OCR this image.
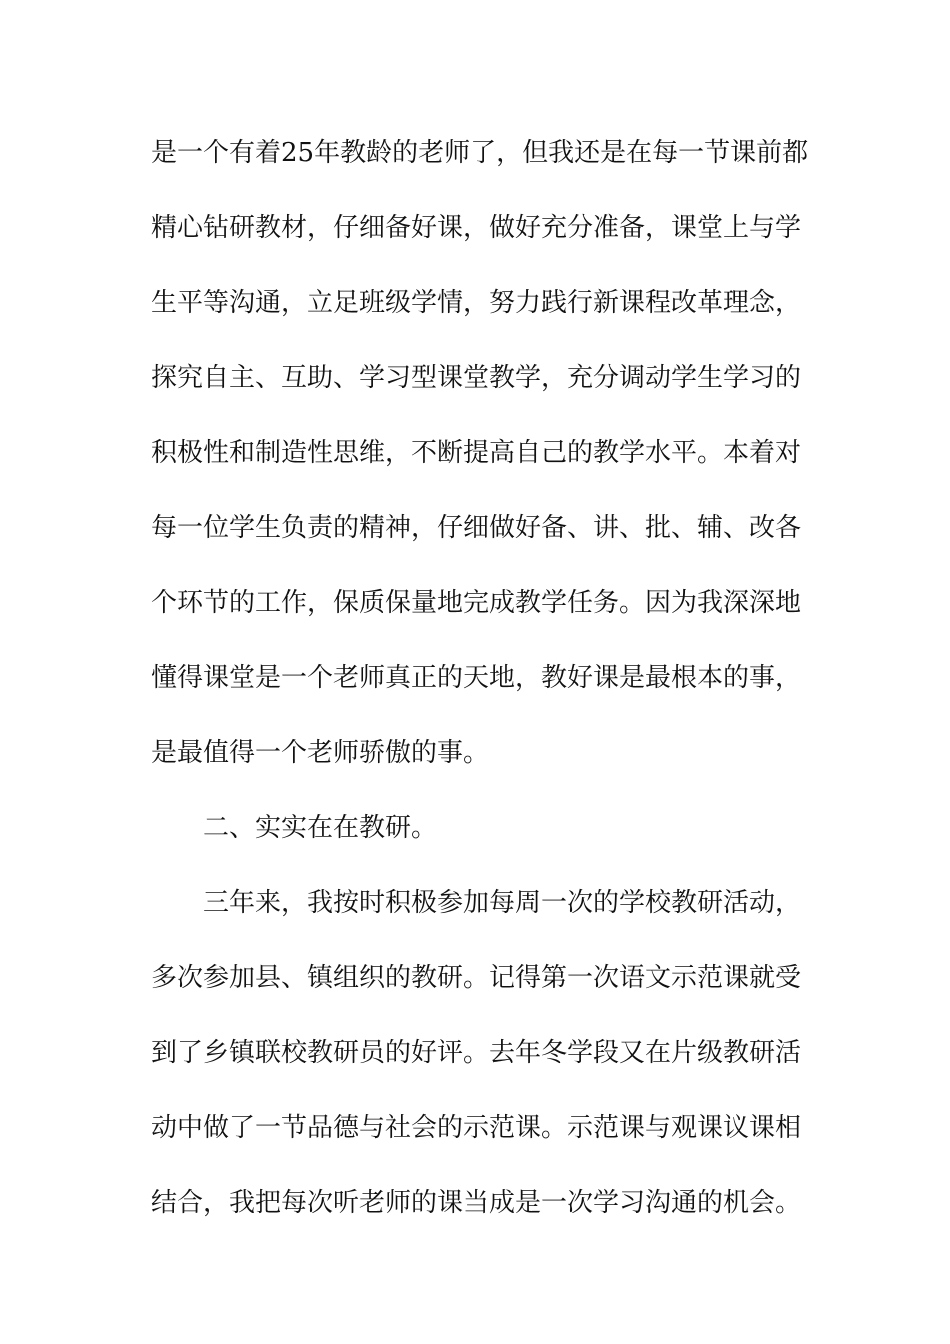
是一个有着25年教龄的老师了，但我还是在每一节课前都
精心钻研教材，仔细备好课，做好充分准备，课堂上与学
生平等沟通，立足班级学情，努力践行新课程改革理念，
探究自主、互助、学习型课堂教学，充分调动学生学习的
积极性和制造性思维，不断提高自己的教学水平。本着对
每一位学生负责的精神，仔细做好备、讲、批、辅、改各
个环节的工作，保质保量地完成教学任务。因为我深深地
懂得课堂是一个老师真正的天地，教好课是最根本的事，
是最值得一个老师骄傲的事。
二、实实在在教研。
三年来，我按时积极参加每周一次的学校教研活动，
多次参加县、镇组织的教研。记得第一次语文示范课就受
到了乡镇联校教研员的好评。去年冬学段又在片级教研活
动中做了一节品德与社会的示范课。示范课与观课议课相
结合，我把每次听老师的课当成是一次学习沟通的机会。
